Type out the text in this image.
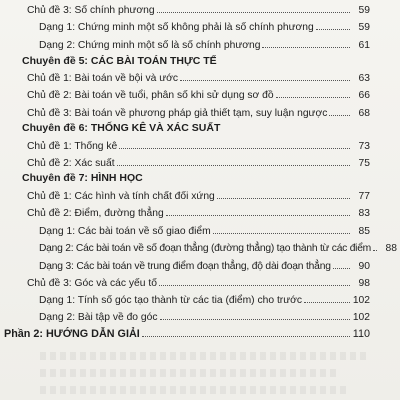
Chủ đề 3: Số chính phương	59
Dạng 1: Chứng minh một số không phải là số chính phương	59
Dạng 2: Chứng minh một số là số chính phương	61
Chuyên đề 5: CÁC BÀI TOÁN THỰC TẾ
Chủ đề 1: Bài toán về bội và ước	63
Chủ đề 2: Bài toán về tuổi, phân số khi sử dụng sơ đồ	66
Chủ đề 3: Bài toán về phương pháp giả thiết tạm, suy luận ngược	68
Chuyên đề 6: THỐNG KÊ VÀ XÁC SUẤT
Chủ đề 1: Thống kê	73
Chủ đề 2: Xác suất	75
Chuyên đề 7: HÌNH HỌC
Chủ đề 1: Các hình và tính chất đối xứng	77
Chủ đề 2: Điểm, đường thẳng	83
Dạng 1: Các bài toán về số giao điểm	85
Dạng 2: Các bài toán về số đoạn thẳng (đường thẳng) tạo thành từ các điểm	88
Dạng 3: Các bài toán về trung điểm đoạn thẳng, độ dài đoạn thẳng	90
Chủ đề 3: Góc và các yếu tố	98
Dạng 1: Tính số góc tạo thành từ các tia (điểm) cho trước	102
Dạng 2: Bài tập về đo góc	102
Phần 2: HƯỚNG DẪN GIẢI	110
